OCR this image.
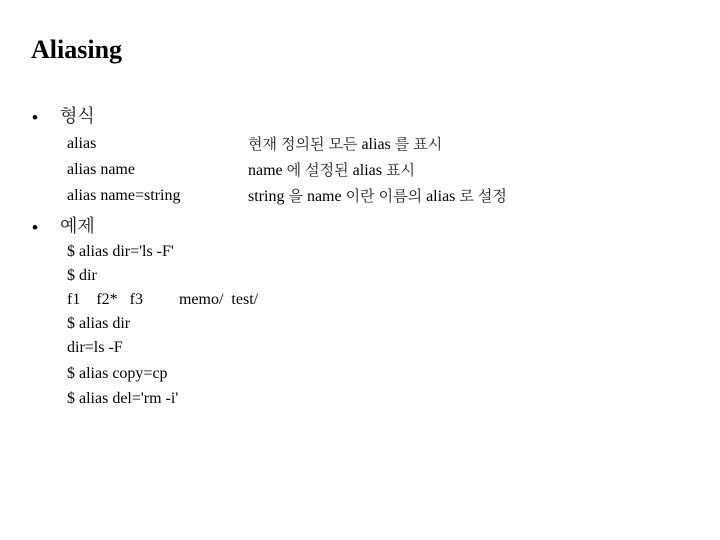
Aliasing
• 형식
alias	현재 정의된 모든 alias 를 표시
alias name	name 에 설정된 alias 표시
alias name=string	string 을 name 이란 이름의 alias 로 설정
• 예제
$ alias dir='ls -F'
$ dir
f1    f2*   f3         memo/  test/
$ alias dir
dir=ls -F
$ alias copy=cp
$ alias del='rm -i'
